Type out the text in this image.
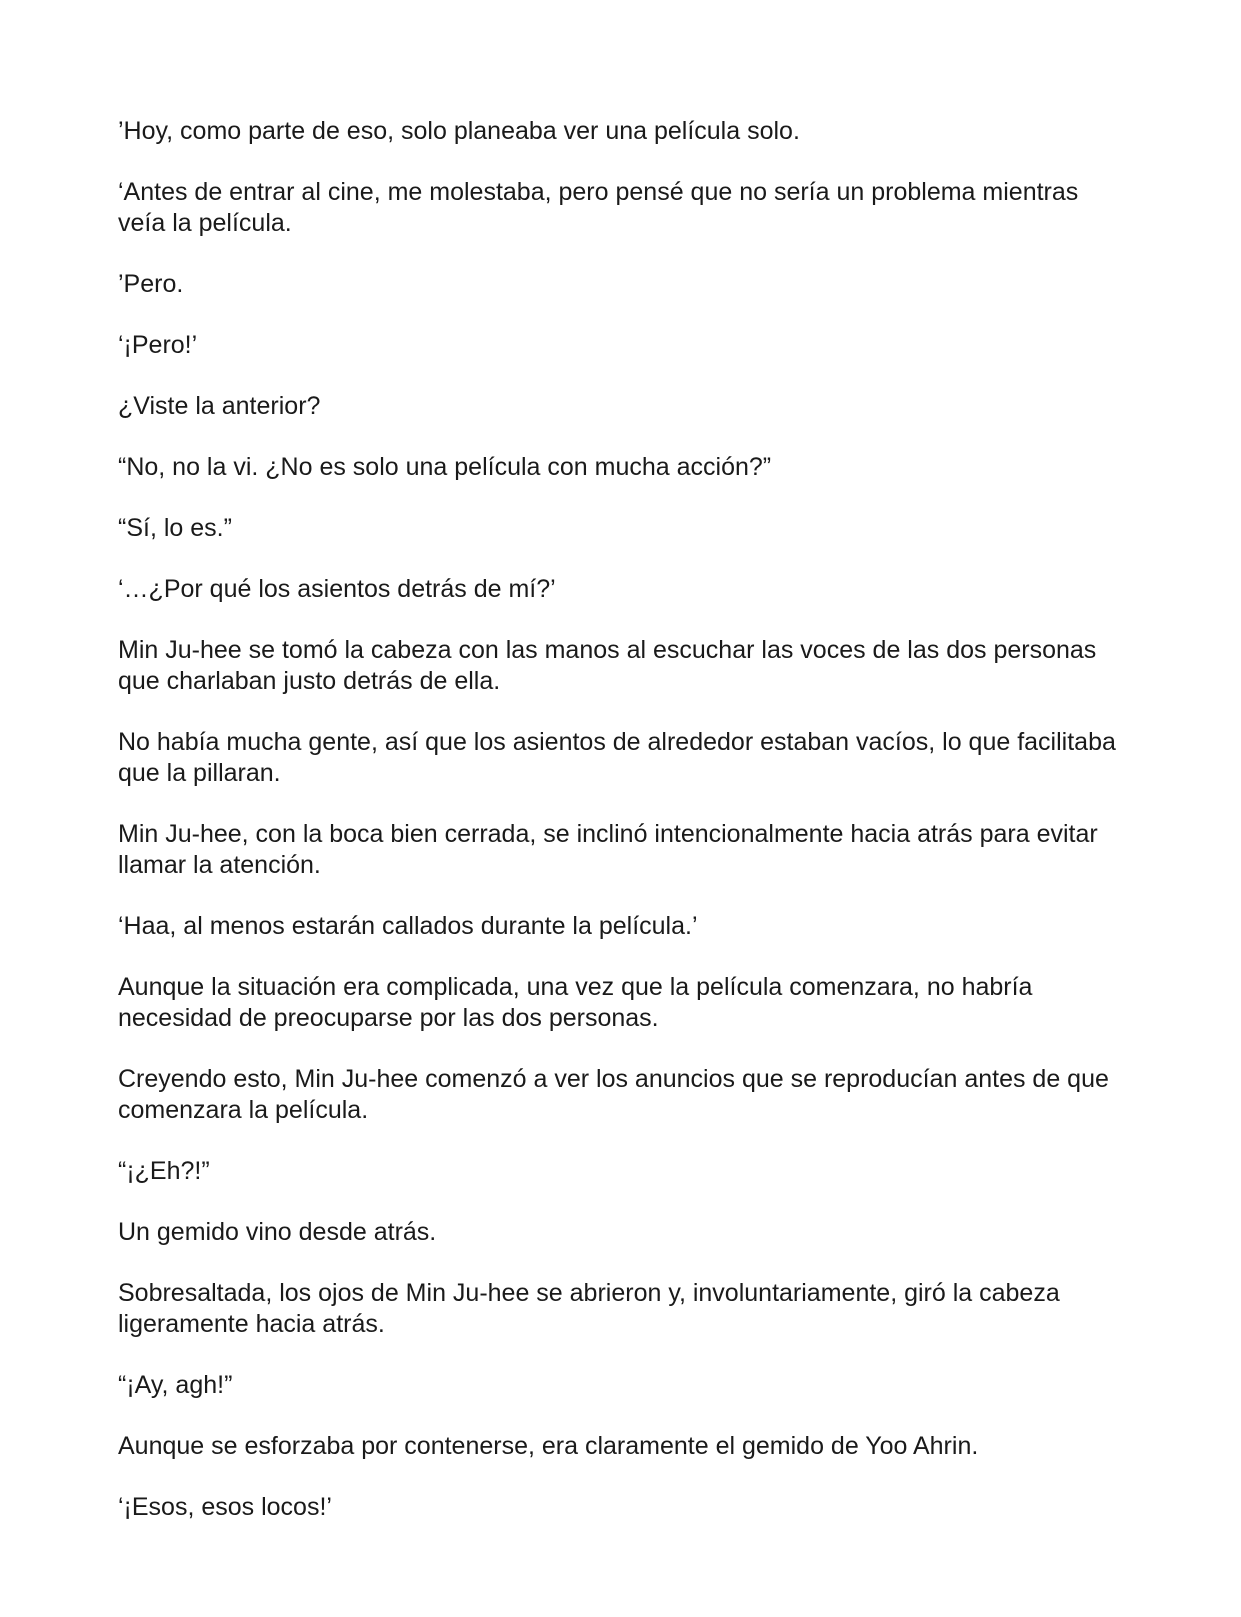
’Hoy, como parte de eso, solo planeaba ver una película solo.

‘Antes de entrar al cine, me molestaba, pero pensé que no sería un problema mientras veía la película.

’Pero.

‘¡Pero!’

¿Viste la anterior?

“No, no la vi. ¿No es solo una película con mucha acción?”

“Sí, lo es.”

‘…¿Por qué los asientos detrás de mí?’

Min Ju-hee se tomó la cabeza con las manos al escuchar las voces de las dos personas que charlaban justo detrás de ella.

No había mucha gente, así que los asientos de alrededor estaban vacíos, lo que facilitaba que la pillaran.

Min Ju-hee, con la boca bien cerrada, se inclinó intencionalmente hacia atrás para evitar llamar la atención.

‘Haa, al menos estarán callados durante la película.’

Aunque la situación era complicada, una vez que la película comenzara, no habría necesidad de preocuparse por las dos personas.

Creyendo esto, Min Ju-hee comenzó a ver los anuncios que se reproducían antes de que comenzara la película.

“¡¿Eh?!”

Un gemido vino desde atrás.

Sobresaltada, los ojos de Min Ju-hee se abrieron y, involuntariamente, giró la cabeza ligeramente hacia atrás.

“¡Ay, agh!”

Aunque se esforzaba por contenerse, era claramente el gemido de Yoo Ahrin.

‘¡Esos, esos locos!’
